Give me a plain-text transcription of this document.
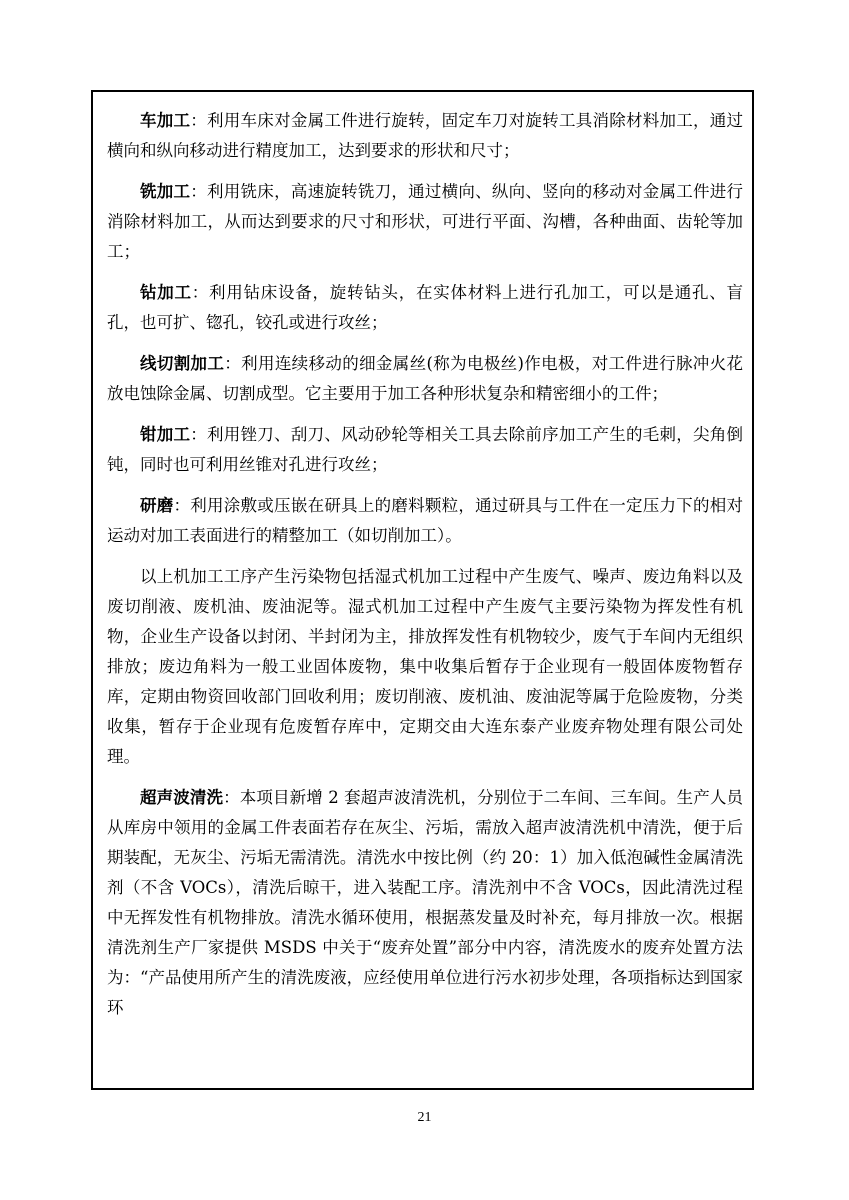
车加工：利用车床对金属工件进行旋转，固定车刀对旋转工具消除材料加工，通过横向和纵向移动进行精度加工，达到要求的形状和尺寸；

铣加工：利用铣床，高速旋转铣刀，通过横向、纵向、竖向的移动对金属工件进行消除材料加工，从而达到要求的尺寸和形状，可进行平面、沟槽，各种曲面、齿轮等加工；

钻加工：利用钻床设备，旋转钻头，在实体材料上进行孔加工，可以是通孔、盲孔，也可扩、锪孔，铰孔或进行攻丝；

线切割加工：利用连续移动的细金属丝(称为电极丝)作电极，对工件进行脉冲火花放电蚀除金属、切割成型。它主要用于加工各种形状复杂和精密细小的工件；

钳加工：利用锉刀、刮刀、风动砂轮等相关工具去除前序加工产生的毛刺，尖角倒钝，同时也可利用丝锥对孔进行攻丝；

研磨：利用涂敷或压嵌在研具上的磨料颗粒，通过研具与工件在一定压力下的相对运动对加工表面进行的精整加工（如切削加工）。

以上机加工工序产生污染物包括湿式机加工过程中产生废气、噪声、废边角料以及废切削液、废机油、废油泥等。湿式机加工过程中产生废气主要污染物为挥发性有机物，企业生产设备以封闭、半封闭为主，排放挥发性有机物较少，废气于车间内无组织排放；废边角料为一般工业固体废物，集中收集后暂存于企业现有一般固体废物暂存库，定期由物资回收部门回收利用；废切削液、废机油、废油泥等属于危险废物，分类收集，暂存于企业现有危废暂存库中，定期交由大连东泰产业废弃物处理有限公司处理。

超声波清洗：本项目新增 2 套超声波清洗机，分别位于二车间、三车间。生产人员从库房中领用的金属工件表面若存在灰尘、污垢，需放入超声波清洗机中清洗，便于后期装配，无灰尘、污垢无需清洗。清洗水中按比例（约 20：1）加入低泡碱性金属清洗剂（不含 VOCs），清洗后晾干，进入装配工序。清洗剂中不含 VOCs，因此清洗过程中无挥发性有机物排放。清洗水循环使用，根据蒸发量及时补充，每月排放一次。根据清洗剂生产厂家提供 MSDS 中关于“废弃处置”部分中内容，清洗废水的废弃处置方法为：“产品使用所产生的清洗废液，应经使用单位进行污水初步处理，各项指标达到国家环

21
